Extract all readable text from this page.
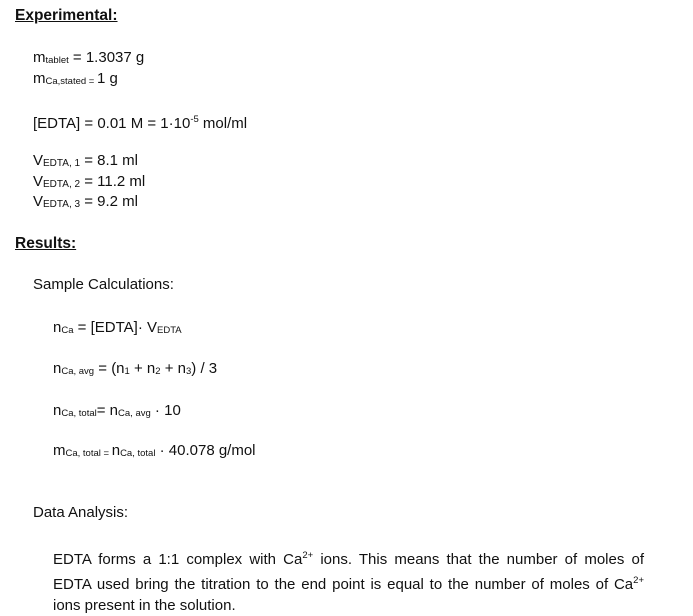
Experimental:
mtablet = 1.3037 g
mCa,stated = 1 g
[EDTA] = 0.01 $M = 1\cdot 10^{-5}$ mol/ml
VEDTA, 1 = 8.1 ml
VEDTA, 2 = 11.2 ml
VEDTA, 3 = 9.2 ml
Results:
Sample Calculations:
nCa = [EDTA]· VEDTA
nCa, avg = (n1 + n2 + n3) / 3
nCa, total= nCa, avg · 10
mCa, total = nCa, total · 40.078 g/mol
Data Analysis:
EDTA forms a 1:1 complex with $Ca^{2+}$ ions. This means that the number of moles of
EDTA used bring the titration to the end point is equal to the number of moles of $Ca^{2+}$
ions present in the solution.
